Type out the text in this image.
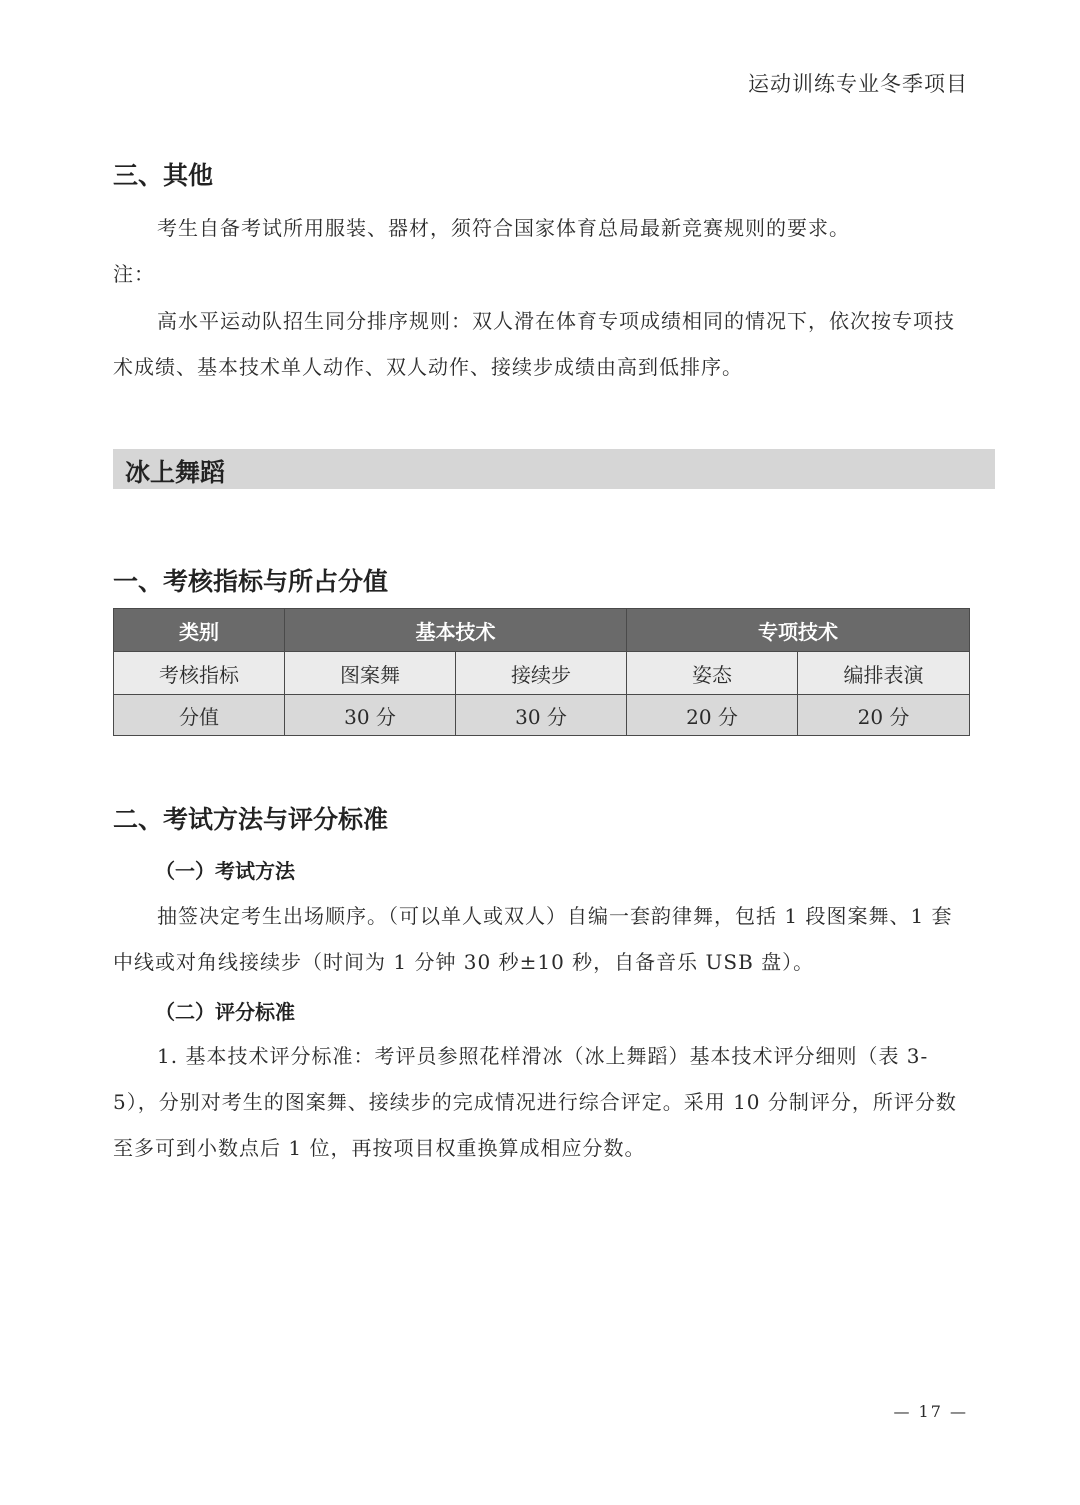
运动训练专业冬季项目
三、其他
考生自备考试所用服装、器材，须符合国家体育总局最新竞赛规则的要求。
注：
高水平运动队招生同分排序规则：双人滑在体育专项成绩相同的情况下，依次按专项技术成绩、基本技术单人动作、双人动作、接续步成绩由高到低排序。
冰上舞蹈
一、考核指标与所占分值
类别	基本技术		专项技术	
考核指标	图案舞	接续步	姿态	编排表演
分值	30 分	30 分	20 分	20 分
二、考试方法与评分标准
（一）考试方法
抽签决定考生出场顺序。（可以单人或双人）自编一套韵律舞，包括 1 段图案舞、1 套中线或对角线接续步（时间为 1 分钟 30 秒±10 秒，自备音乐 USB 盘）。
（二）评分标准
1. 基本技术评分标准：考评员参照花样滑冰（冰上舞蹈）基本技术评分细则（表 3-5），分别对考生的图案舞、接续步的完成情况进行综合评定。采用 10 分制评分，所评分数至多可到小数点后 1 位，再按项目权重换算成相应分数。
— 17 —
